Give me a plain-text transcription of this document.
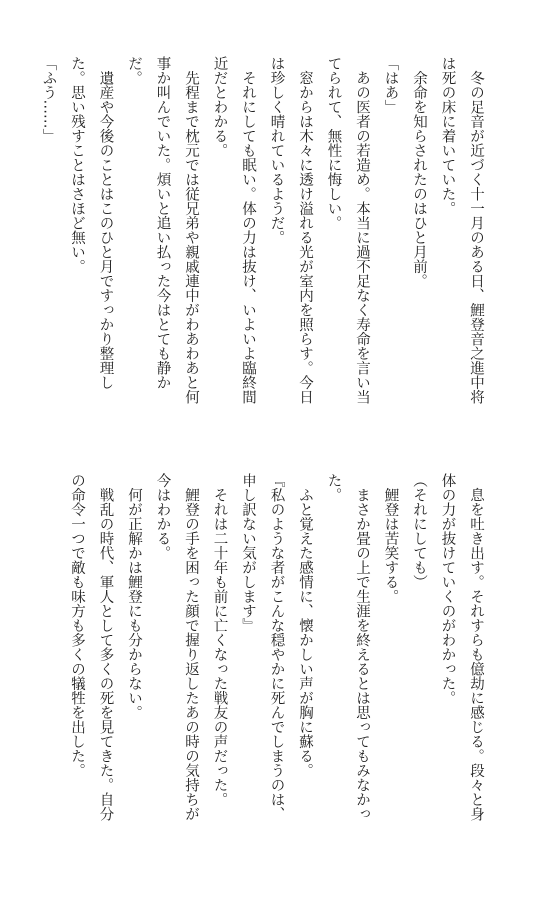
　冬の足音が近づく十一月のある日、鯉登音之進中将は死の床に着いていた。

　余命を知らされたのはひと月前。

「はあ」

　あの医者の若造め。本当に過不足なく寿命を言い当てられて、無性に悔しい。

　窓からは木々に透け溢れる光が室内を照らす。今日は珍しく晴れているようだ。

　それにしても眠い。体の力は抜け、いよいよ臨終間近だとわかる。

　先程まで枕元では従兄弟や親戚連中がわあわあと何事か叫んでいた。煩いと追い払った今はとても静かだ。

　遺産や今後のことはこのひと月ですっかり整理した。思い残すことはさほど無い。

「ふう……」

　息を吐き出す。それすらも億劫に感じる。段々と身体の力が抜けていくのがわかった。

（それにしても）

　鯉登は苦笑する。

　まさか畳の上で生涯を終えるとは思ってもみなかった。

　ふと覚えた感情に、懐かしい声が胸に蘇る。

『私のような者がこんな穏やかに死んでしまうのは、申し訳ない気がします』

　それは二十年も前に亡くなった戦友の声だった。

　鯉登の手を困った顔で握り返したあの時の気持ちが今はわかる。

　何が正解かは鯉登にも分からない。

　戦乱の時代、軍人として多くの死を見てきた。自分の命令一つで敵も味方も多くの犠牲を出した。
